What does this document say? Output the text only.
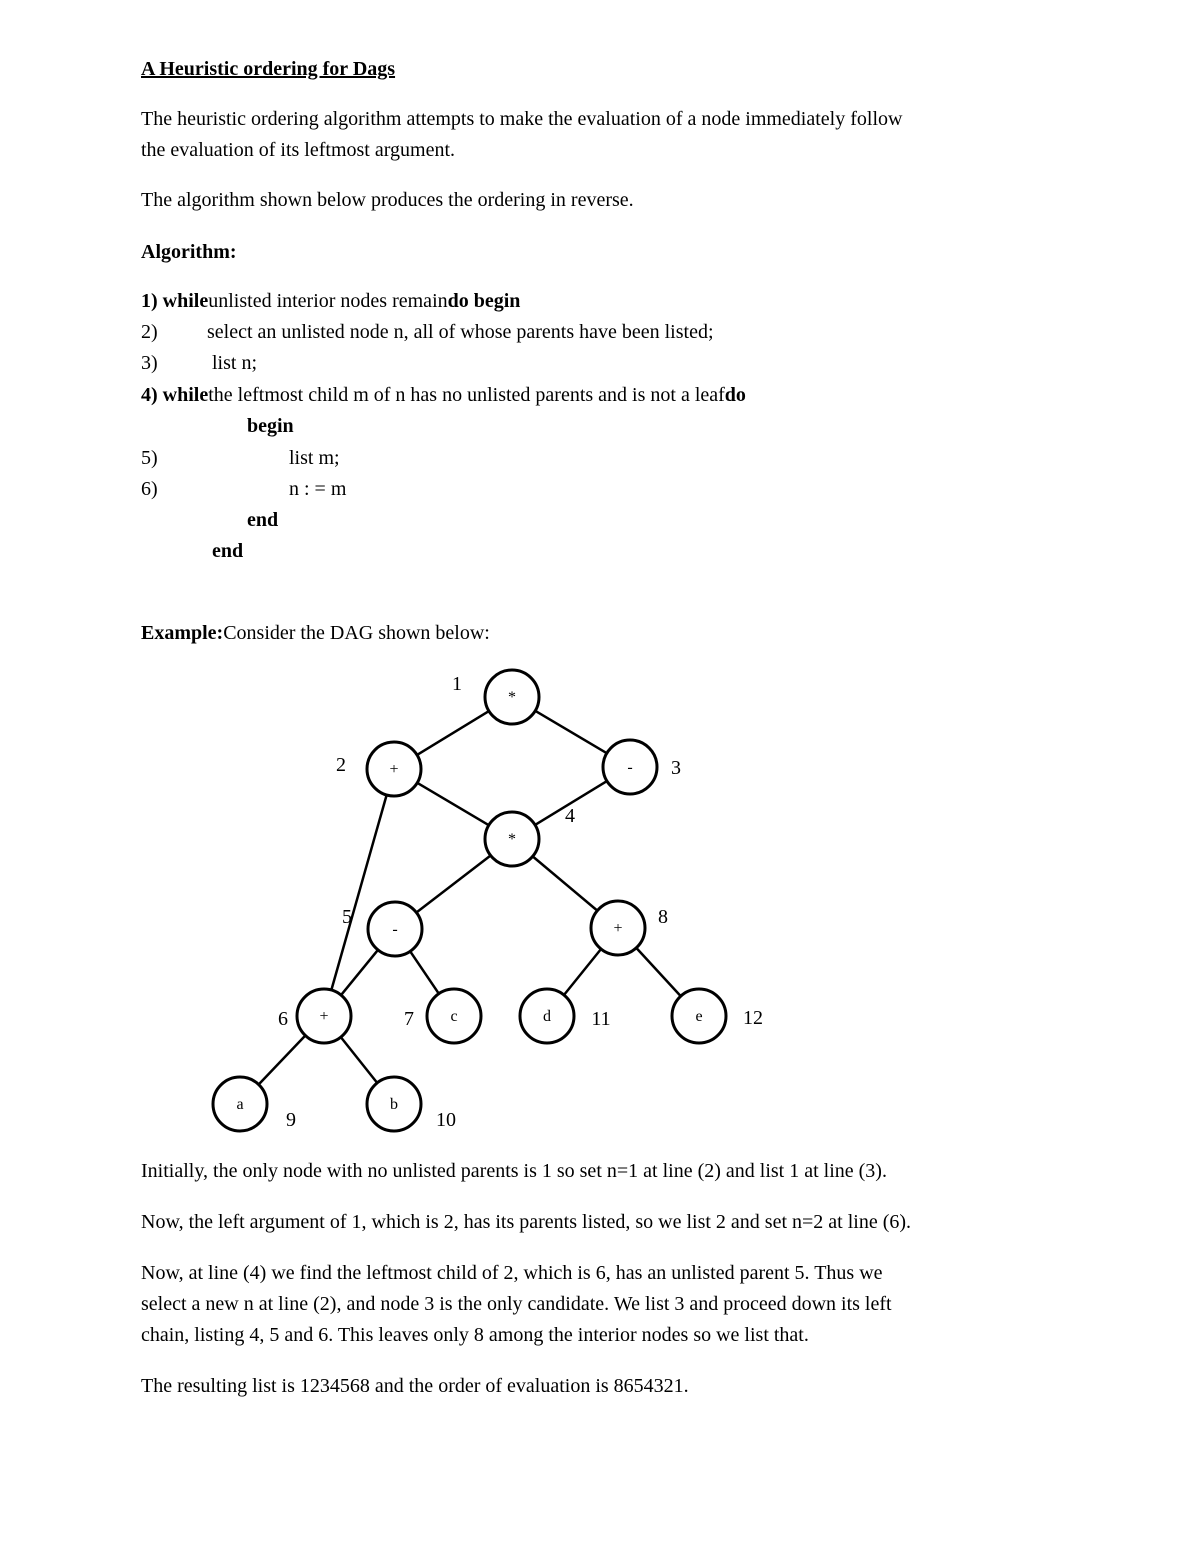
A Heuristic ordering for Dags
The heuristic ordering algorithm attempts to make the evaluation of a node immediately follow
the evaluation of its leftmost argument.
The algorithm shown below produces the ordering in reverse.
Algorithm:
1) whileunlisted interior nodes remaindo begin
2) select an unlisted node n, all of whose parents have been listed;
3)	list n;
4) whilethe leftmost child m of n has no unlisted parents and is not a leafdo
begin
5)	list m;
6)	n : = m
end
end
Example:Consider the DAG shown below:
*
1
+
2	- 3
*
4
-
5
+
6	c
7
+
8
a
9
b
10
d 11	e 12
Initially, the only node with no unlisted parents is 1 so set n=1 at line (2) and list 1 at line (3).
Now, the left argument of 1, which is 2, has its parents listed, so we list 2 and set n=2 at line (6).
Now, at line (4) we find the leftmost child of 2, which is 6, has an unlisted parent 5. Thus we
select a new n at line (2), and node 3 is the only candidate. We list 3 and proceed down its left
chain, listing 4, 5 and 6. This leaves only 8 among the interior nodes so we list that.
The resulting list is 1234568 and the order of evaluation is 8654321.
